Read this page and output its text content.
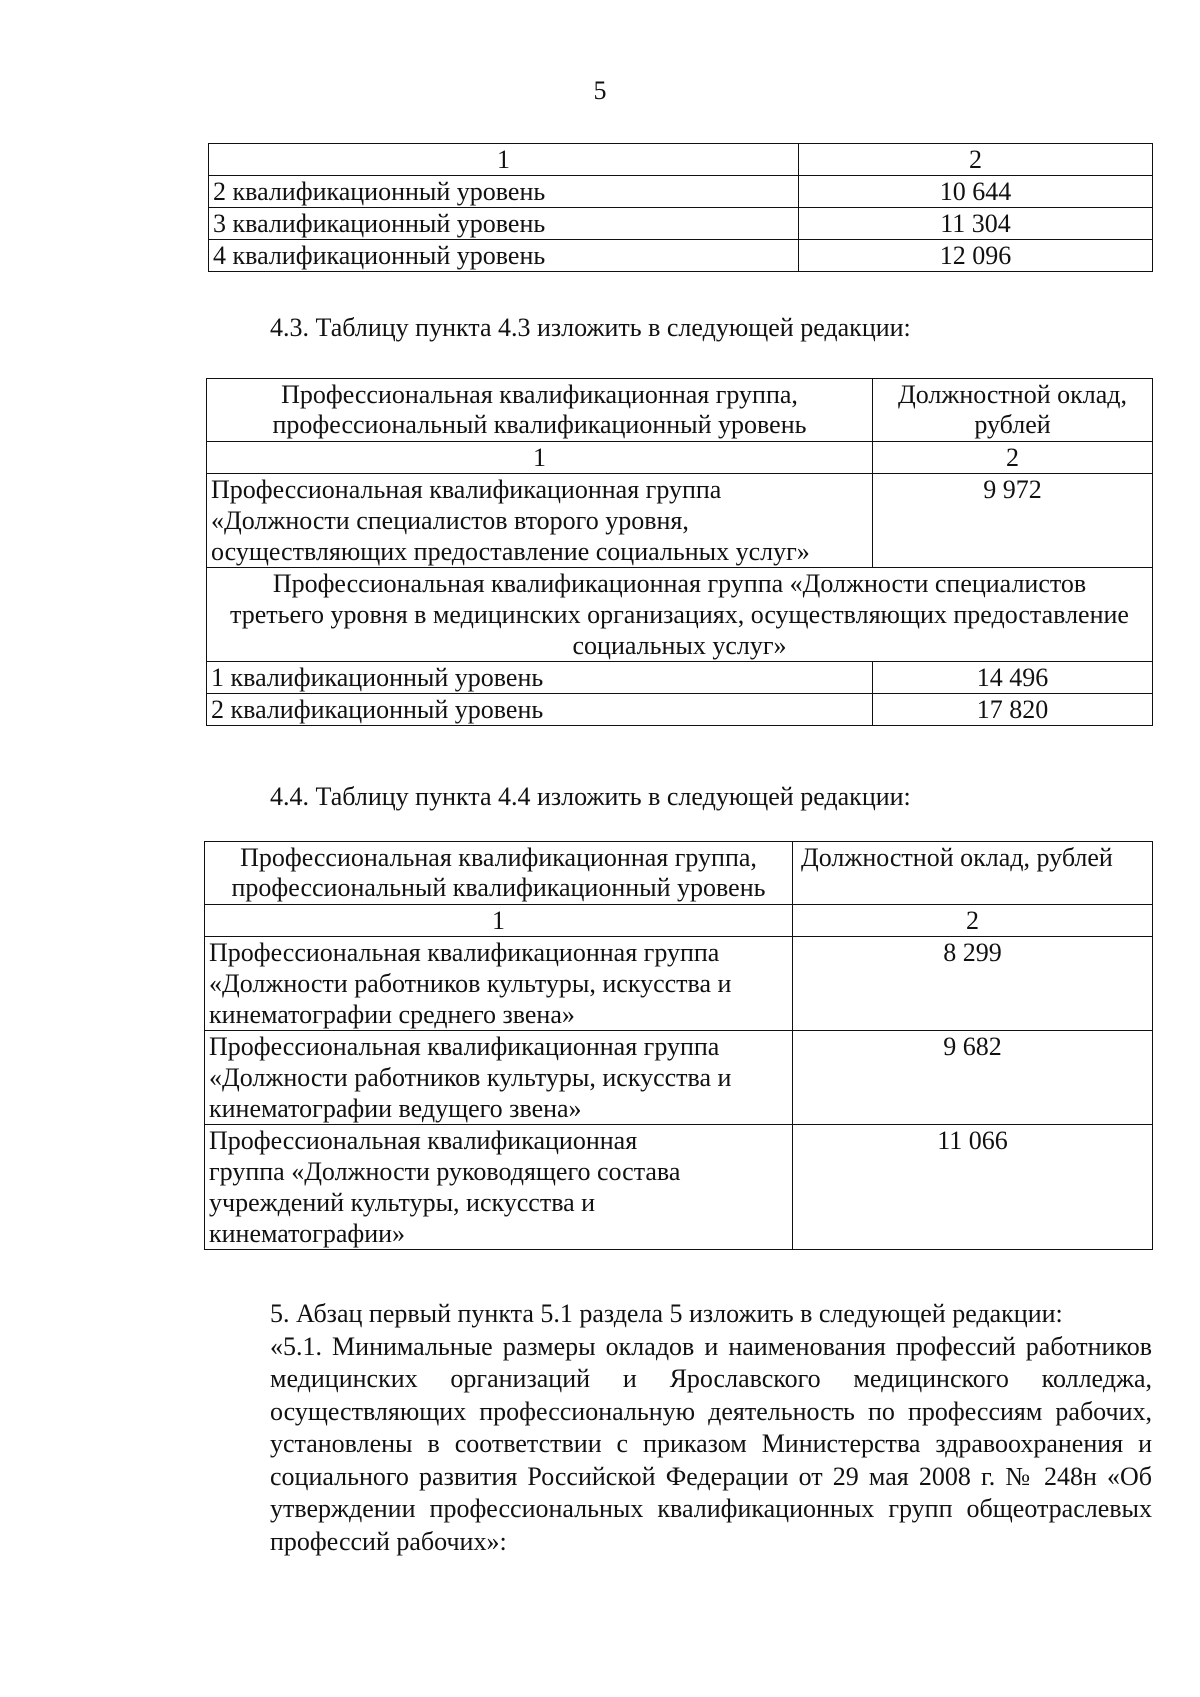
5
1	2
2 квалификационный уровень	10 644
3 квалификационный уровень	11 304
4 квалификационный уровень	12 096
4.3. Таблицу пункта 4.3 изложить в следующей редакции:
Профессиональная квалификационная группа, профессиональный квалификационный уровень	Должностной оклад, рублей
1	2
Профессиональная квалификационная группа «Должности специалистов второго уровня, осуществляющих предоставление социальных услуг»	9 972
Профессиональная квалификационная группа «Должности специалистов третьего уровня в медицинских организациях, осуществляющих предоставление социальных услуг»	
1 квалификационный уровень	14 496
2 квалификационный уровень	17 820
4.4. Таблицу пункта 4.4 изложить в следующей редакции:
Профессиональная квалификационная группа, профессиональный квалификационный уровень	Должностной оклад, рублей
1	2
Профессиональная квалификационная группа «Должности работников культуры, искусства и кинематографии среднего звена»	8 299
Профессиональная квалификационная группа «Должности работников культуры, искусства и кинематографии ведущего звена»	9 682
Профессиональная квалификационная группа «Должности руководящего состава учреждений культуры, искусства и кинематографии»	11 066
5. Абзац первый пункта 5.1 раздела 5 изложить в следующей редакции:

«5.1. Минимальные размеры окладов и наименования профессий работников медицинских организаций и Ярославского медицинского колледжа, осуществляющих профессиональную деятельность по профессиям рабочих, установлены в соответствии с приказом Министерства здравоохранения и социального развития Российской Федерации от 29 мая 2008 г. № 248н «Об утверждении профессиональных квалификационных групп общеотраслевых профессий рабочих»:
